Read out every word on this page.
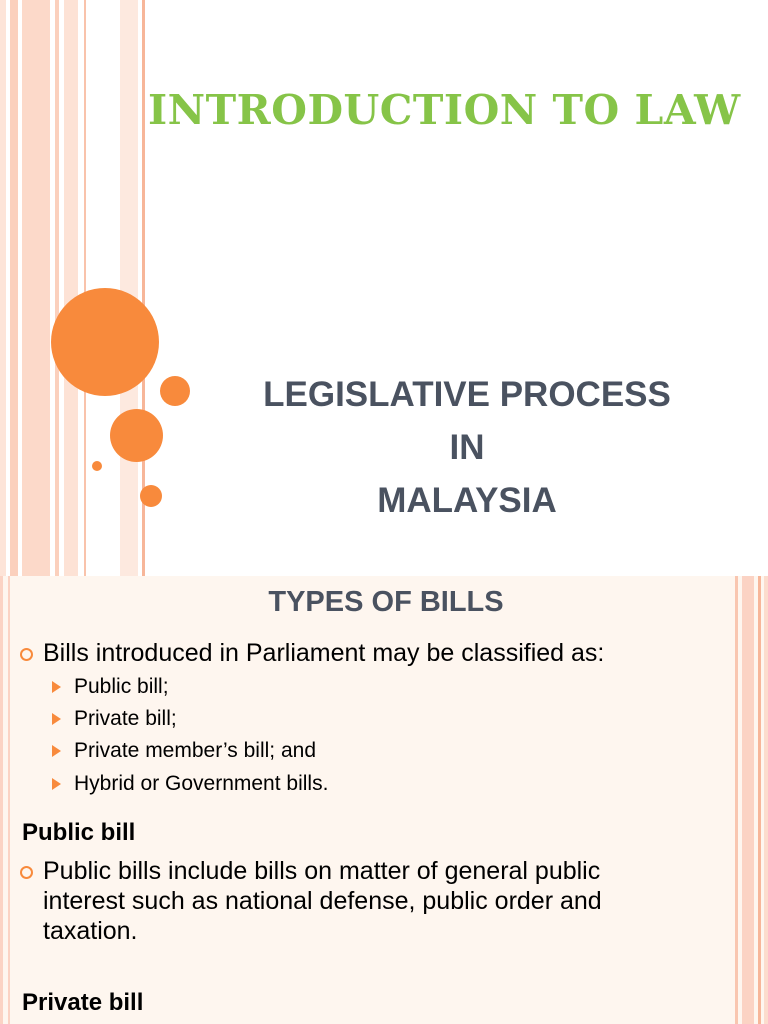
INTRODUCTION TO LAW
LEGISLATIVE PROCESS
IN
MALAYSIA
TYPES OF BILLS
Bills introduced in Parliament may be classified as:
Public bill;
Private bill;
Private member’s bill; and
Hybrid or Government bills.
Public bill
Public bills include bills on matter of general public
interest such as national defense, public order and
taxation.
Private bill
